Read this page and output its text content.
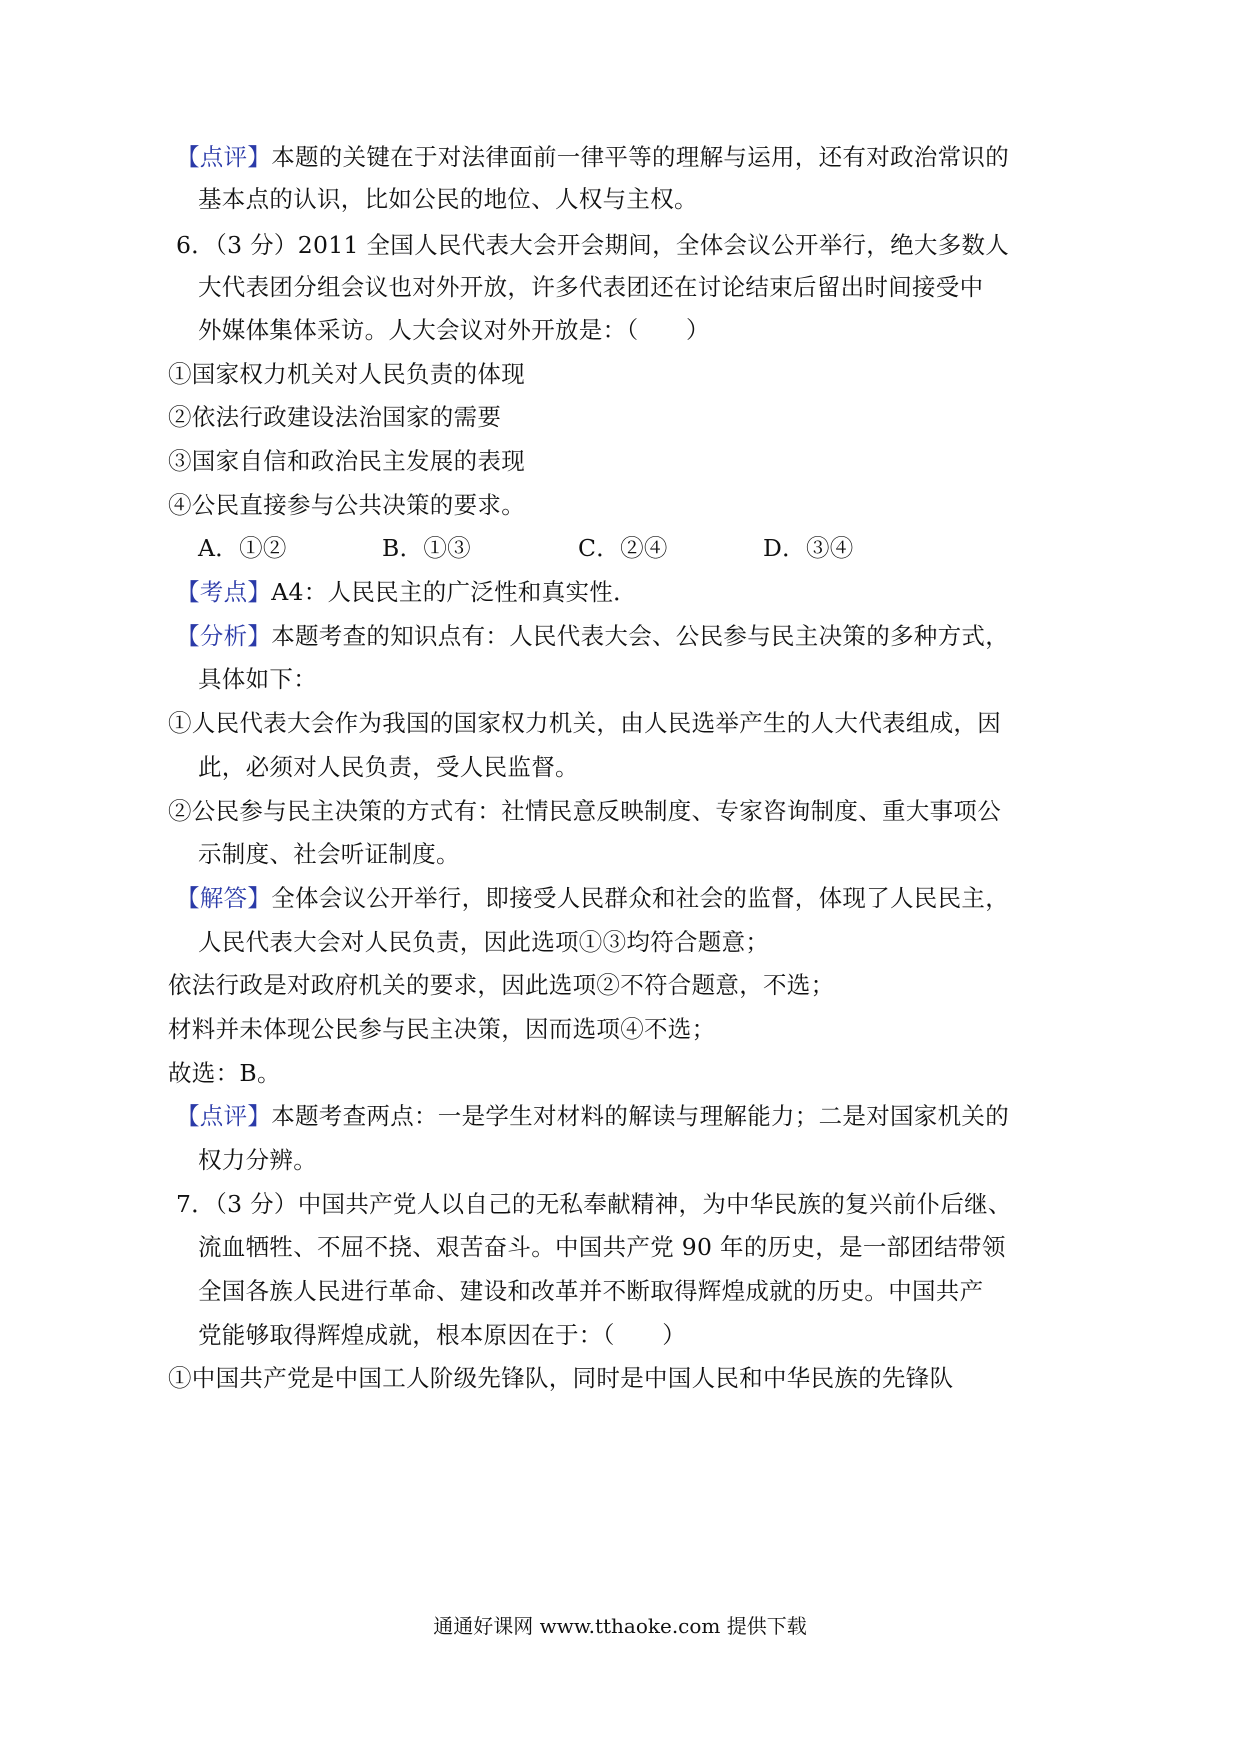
【点评】本题的关键在于对法律面前一律平等的理解与运用，还有对政治常识的
基本点的认识，比如公民的地位、人权与主权。
6．（3 分）2011 全国人民代表大会开会期间，全体会议公开举行，绝大多数人
大代表团分组会议也对外开放，许多代表团还在讨论结束后留出时间接受中
外媒体集体采访。人大会议对外开放是：（　　）
①国家权力机关对人民负责的体现
②依法行政建设法治国家的需要
③国家自信和政治民主发展的表现
④公民直接参与公共决策的要求。
A．①②	B．①③	C．②④	D．③④
【考点】A4：人民民主的广泛性和真实性．
【分析】本题考查的知识点有：人民代表大会、公民参与民主决策的多种方式，
具体如下：
①人民代表大会作为我国的国家权力机关，由人民选举产生的人大代表组成，因
此，必须对人民负责，受人民监督。
②公民参与民主决策的方式有：社情民意反映制度、专家咨询制度、重大事项公
示制度、社会听证制度。
【解答】全体会议公开举行，即接受人民群众和社会的监督，体现了人民民主，
人民代表大会对人民负责，因此选项①③均符合题意；
依法行政是对政府机关的要求，因此选项②不符合题意，不选；
材料并未体现公民参与民主决策，因而选项④不选；
故选：B。
【点评】本题考查两点：一是学生对材料的解读与理解能力；二是对国家机关的
权力分辨。
7．（3 分）中国共产党人以自己的无私奉献精神，为中华民族的复兴前仆后继、
流血牺牲、不屈不挠、艰苦奋斗。中国共产党 90 年的历史，是一部团结带领
全国各族人民进行革命、建设和改革并不断取得辉煌成就的历史。中国共产
党能够取得辉煌成就，根本原因在于：（　　）
①中国共产党是中国工人阶级先锋队，同时是中国人民和中华民族的先锋队
通通好课网 www.tthaoke.com 提供下载
